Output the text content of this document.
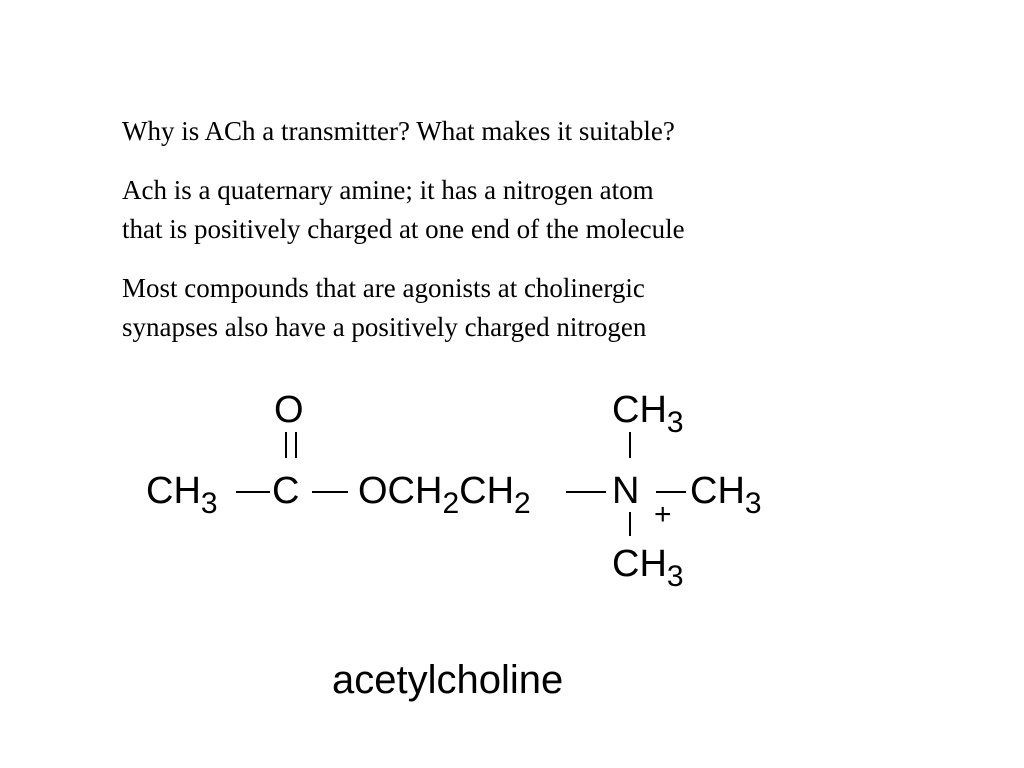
Why is ACh a transmitter? What makes it suitable?

Ach is a quaternary amine; it has a nitrogen atom
that is positively charged at one end of the molecule

Most compounds that are agonists at cholinergic
synapses also have a positively charged nitrogen

O
$CH_3$ C $OCH_2CH_2$ N
+
$CH_3$
$CH_3$
$CH_3$
acetylcholine
